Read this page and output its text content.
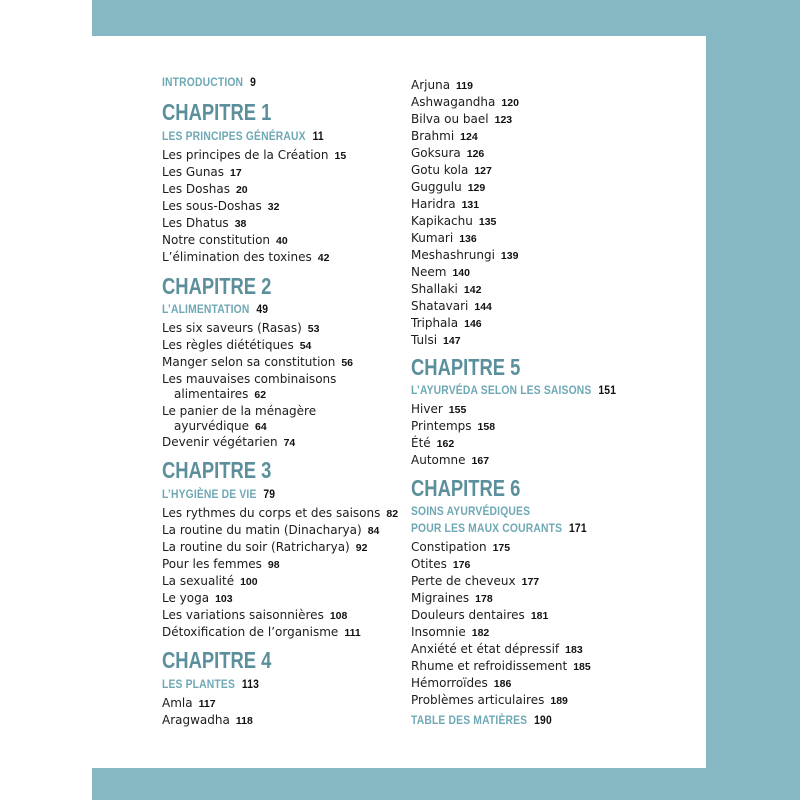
INTRODUCTION 9
CHAPITRE 1
LES PRINCIPES GÉNÉRAUX 11
Les principes de la Création 15
Les Gunas 17
Les Doshas 20
Les sous-Doshas 32
Les Dhatus 38
Notre constitution 40
L’élimination des toxines 42
CHAPITRE 2
L’ALIMENTATION 49
Les six saveurs (Rasas) 53
Les règles diététiques 54
Manger selon sa constitution 56
Les mauvaises combinaisons
alimentaires 62
Le panier de la ménagère
ayurvédique 64
Devenir végétarien 74
CHAPITRE 3
L’HYGIÈNE DE VIE 79
Les rythmes du corps et des saisons 82
La routine du matin (Dinacharya) 84
La routine du soir (Ratricharya) 92
Pour les femmes 98
La sexualité 100
Le yoga 103
Les variations saisonnières 108
Détoxification de l’organisme 111
CHAPITRE 4
LES PLANTES 113
Amla 117
Aragwadha 118
Arjuna 119
Ashwagandha 120
Bilva ou bael 123
Brahmi 124
Goksura 126
Gotu kola 127
Guggulu 129
Haridra 131
Kapikachu 135
Kumari 136
Meshashrungi 139
Neem 140
Shallaki 142
Shatavari 144
Triphala 146
Tulsi 147
CHAPITRE 5
L’AYURVÉDA SELON LES SAISONS 151
Hiver 155
Printemps 158
Été 162
Automne 167
CHAPITRE 6
SOINS AYURVÉDIQUES
POUR LES MAUX COURANTS 171
Constipation 175
Otites 176
Perte de cheveux 177
Migraines 178
Douleurs dentaires 181
Insomnie 182
Anxiété et état dépressif 183
Rhume et refroidissement 185
Hémorroïdes 186
Problèmes articulaires 189
TABLE DES MATIÈRES 190
